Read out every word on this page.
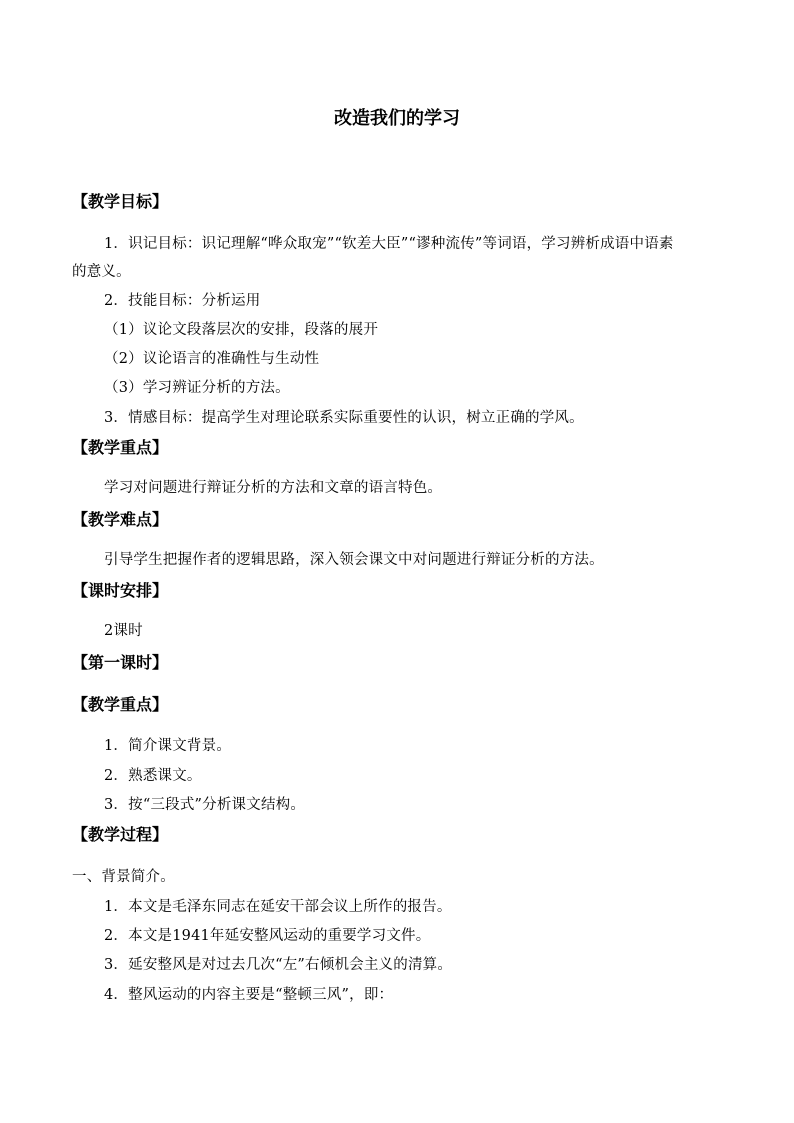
改造我们的学习
【教学目标】
1．识记目标：识记理解“哗众取宠”“钦差大臣”“谬种流传”等词语，学习辨析成语中语素
的意义。
2．技能目标：分析运用
（1）议论文段落层次的安排，段落的展开
（2）议论语言的准确性与生动性
（3）学习辨证分析的方法。
3．情感目标：提高学生对理论联系实际重要性的认识，树立正确的学风。
【教学重点】
学习对问题进行辩证分析的方法和文章的语言特色。
【教学难点】
引导学生把握作者的逻辑思路，深入领会课文中对问题进行辩证分析的方法。
【课时安排】
2课时
【第一课时】
【教学重点】
1．简介课文背景。
2．熟悉课文。
3．按“三段式”分析课文结构。
【教学过程】
一、背景简介。
1．本文是毛泽东同志在延安干部会议上所作的报告。
2．本文是1941年延安整风运动的重要学习文件。
3．延安整风是对过去几次“左”右倾机会主义的清算。
4．整风运动的内容主要是“整顿三风”，即：
